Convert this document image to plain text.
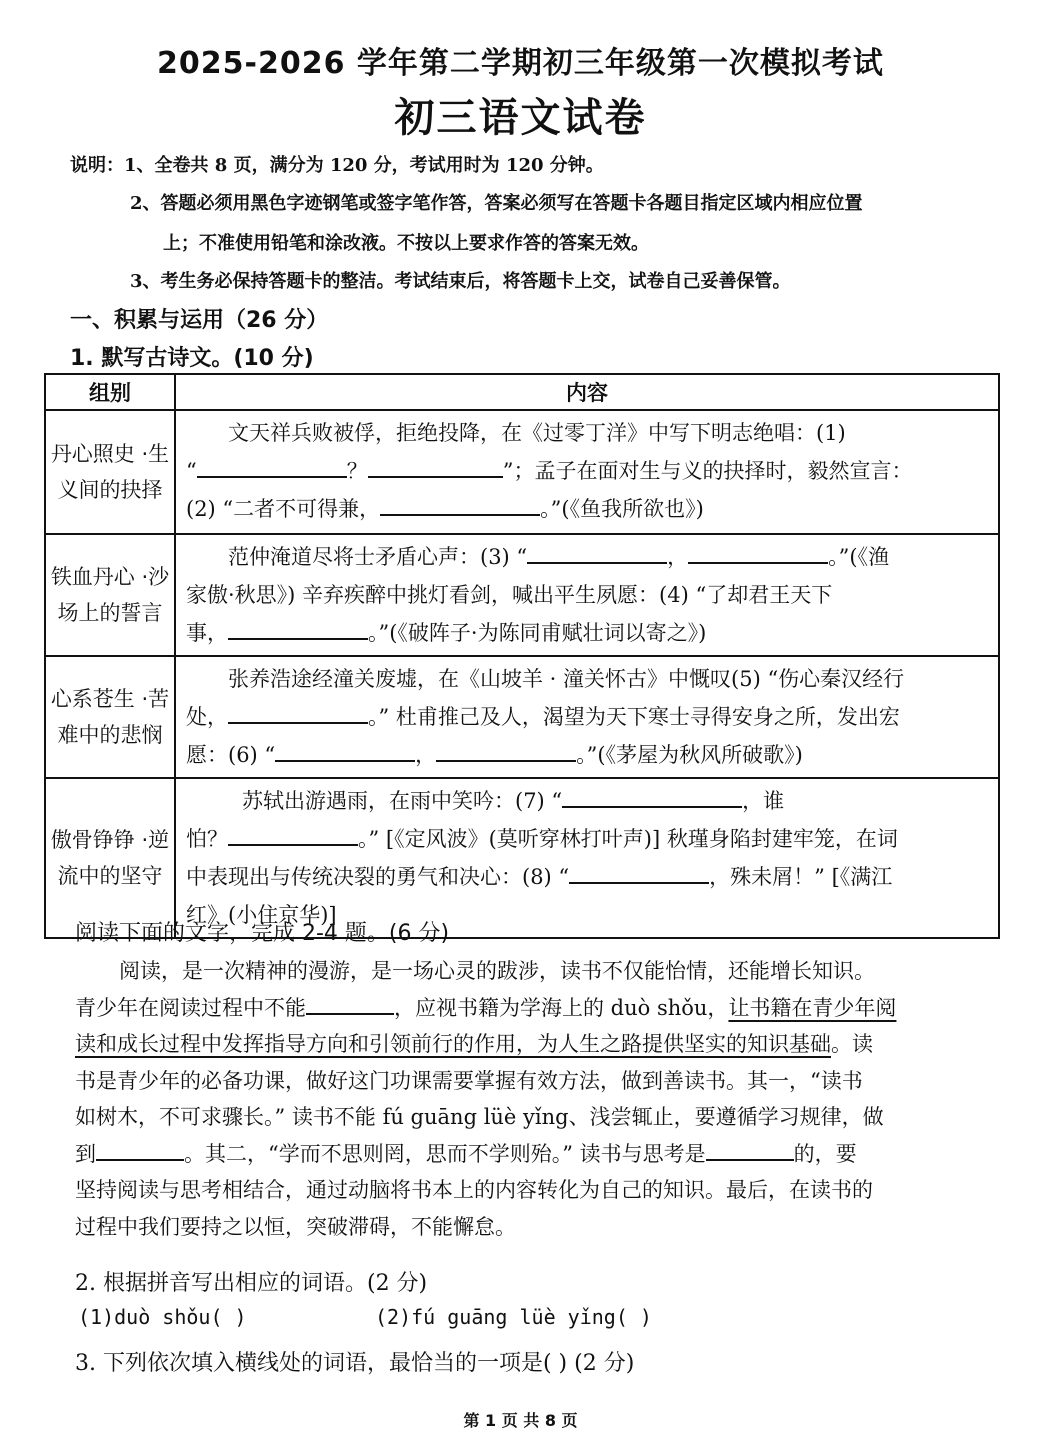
2025-2026 学年第二学期初三年级第一次模拟考试
初三语文试卷
说明：1、全卷共 8 页，满分为 120 分，考试用时为 120 分钟。
2、答题必须用黑色字迹钢笔或签字笔作答，答案必须写在答题卡各题目指定区域内相应位置
上；不准使用铅笔和涂改液。不按以上要求作答的答案无效。
3、考生务必保持答题卡的整洁。考试结束后，将答题卡上交，试卷自己妥善保管。
一、积累与运用（26 分）
1. 默写古诗文。(10 分)
组别	内容
丹心照史 ·生义间的抉择	文天祥兵败被俘，拒绝投降，在《过零丁洋》中写下明志绝唱：(1)
“ ？ ”；孟子在面对生与义的抉择时，毅然宣言：
(2) “二者不可得兼， 。”(《鱼我所欲也》)

铁血丹心 ·沙场上的誓言	范仲淹道尽将士矛盾心声：(3) “ ， 。”(《渔
家傲·秋思》) 辛弃疾醉中挑灯看剑，喊出平生夙愿：(4) “了却君王天下
事， 。”(《破阵子·为陈同甫赋壮词以寄之》)

心系苍生 ·苦难中的悲悯	张养浩途经潼关废墟，在《山坡羊 · 潼关怀古》中慨叹(5) “伤心秦汉经行
处， 。” 杜甫推己及人，渴望为天下寒士寻得安身之所，发出宏
愿：(6) “ ， 。”(《茅屋为秋风所破歌》)

傲骨铮铮 ·逆流中的坚守	苏轼出游遇雨，在雨中笑吟：(7) “ ，谁
怕？ 。” [《定风波》(莫听穿林打叶声)] 秋瑾身陷封建牢笼，在词
中表现出与传统决裂的勇气和决心：(8) “ ，殊未屑！” [《满江
红》(小住京华)]
阅读下面的文字，完成 2-4 题。(6 分)
阅读，是一次精神的漫游，是一场心灵的跋涉，读书不仅能怡情，还能增长知识。
青少年在阅读过程中不能	，应视书籍为学海上的 duò shǒu，让书籍在青少年阅
读和成长过程中发挥指导方向和引领前行的作用，为人生之路提供坚实的知识基础。读
书是青少年的必备功课，做好这门功课需要掌握有效方法，做到善读书。其一，“读书
如树木，不可求骤长。” 读书不能 fú guāng lüè yǐng、浅尝辄止，要遵循学习规律，做
到	。其二，“学而不思则罔，思而不学则殆。” 读书与思考是	的，要
坚持阅读与思考相结合，通过动脑将书本上的内容转化为自己的知识。最后，在读书的
过程中我们要持之以恒，突破滞碍，不能懈怠。
2. 根据拼音写出相应的词语。(2 分)
(1)duò shǒu( )	(2)fú guāng lüè yǐng( )
3. 下列依次填入横线处的词语，最恰当的一项是( ) (2 分)
第 1 页 共 8 页
